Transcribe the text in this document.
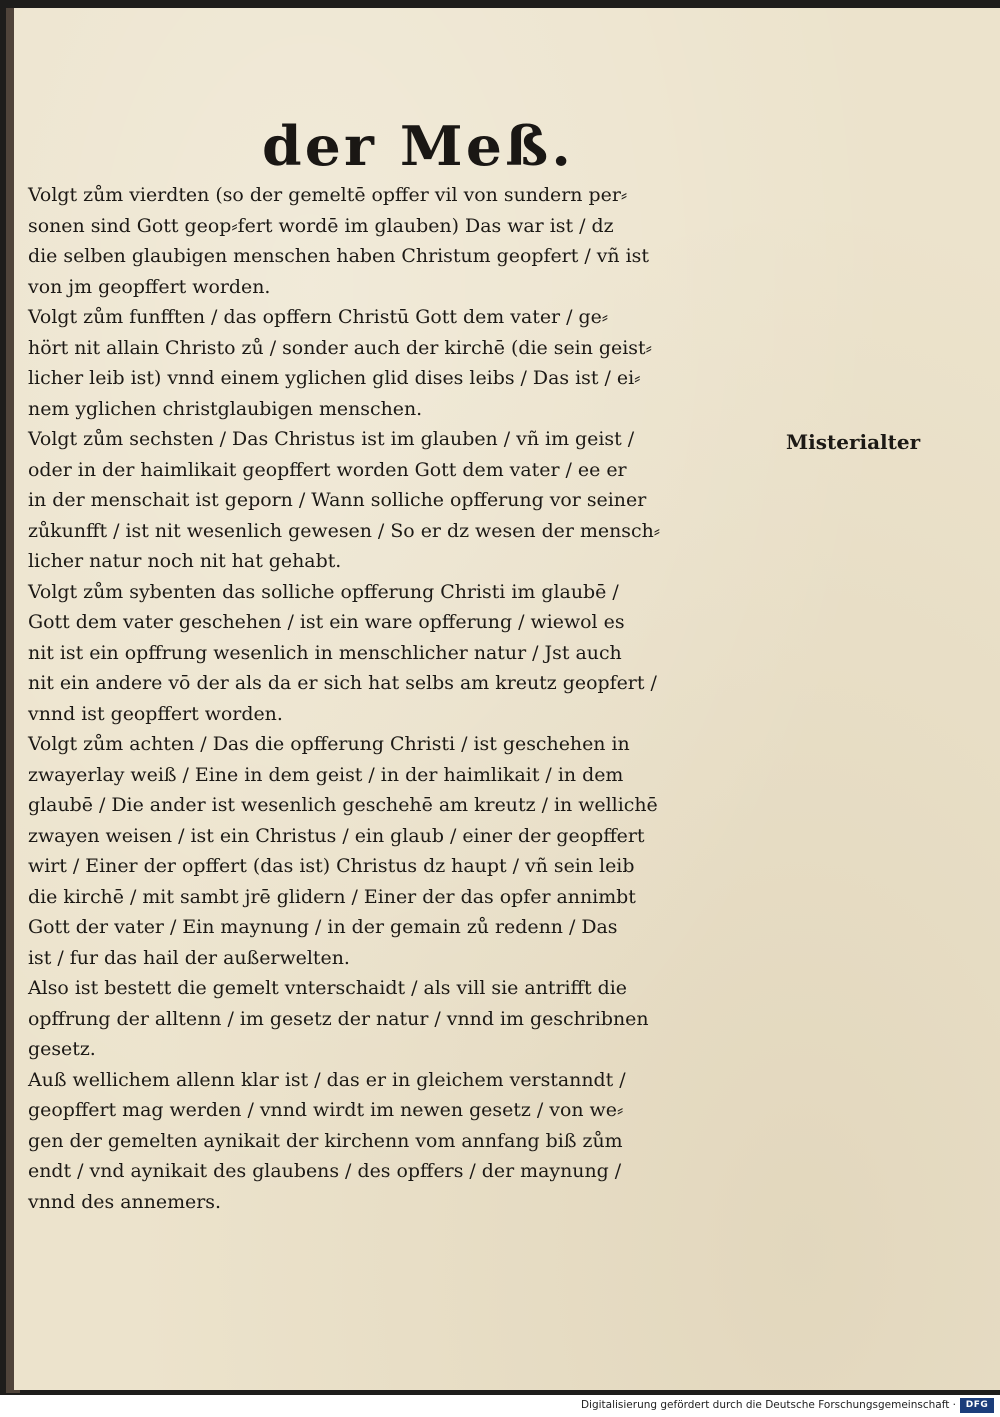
der Meß.
Volgt zům vierdten (so der gemeltē opffer vil von sundern per⸗
sonen sind Gott geop⸗fert wordē im glauben) Das war ist / dz
die selben glaubigen menschen haben Christum geopfert / vñ ist
von jm geopffert worden.
Volgt zům funfften / das opffern Christū Gott dem vater / ge⸗
hört nit allain Christo zů / sonder auch der kirchē (die sein geist⸗
licher leib ist) vnnd einem yglichen glid dises leibs / Das ist / ei⸗
nem yglichen christglaubigen menschen.
Volgt zům sechsten / Das Christus ist im glauben / vñ im geist /
oder in der haimlikait geopffert worden Gott dem vater / ee er
in der menschait ist geporn / Wann solliche opfferung vor seiner
zůkunfft / ist nit wesenlich gewesen / So er dz wesen der mensch⸗
licher natur noch nit hat gehabt.
Volgt zům sybenten das solliche opfferung Christi im glaubē /
Gott dem vater geschehen / ist ein ware opfferung / wiewol es
nit ist ein opffrung wesenlich in menschlicher natur / Jst auch
nit ein andere vō der als da er sich hat selbs am kreutz geopfert /
vnnd ist geopffert worden.
Volgt zům achten / Das die opfferung Christi / ist geschehen in
zwayerlay weiß / Eine in dem geist / in der haimlikait / in dem
glaubē / Die ander ist wesenlich geschehē am kreutz / in wellichē
zwayen weisen / ist ein Christus / ein glaub / einer der geopffert
wirt / Einer der opffert (das ist) Christus dz haupt / vñ sein leib
die kirchē / mit sambt jrē glidern / Einer der das opfer annimbt
Gott der vater / Ein maynung / in der gemain zů redenn / Das
ist / fur das hail der außerwelten.
Also ist bestett die gemelt vnterschaidt / als vill sie antrifft die
opffrung der alltenn / im gesetz der natur / vnnd im geschribnen
gesetz.
Auß wellichem allenn klar ist / das er in gleichem verstanndt /
geopffert mag werden / vnnd wirdt im newen gesetz / von we⸗
gen der gemelten aynikait der kirchenn vom annfang biß zům
endt / vnd aynikait des glaubens / des opffers / der maynung /
vnnd des annemers.
Misterialter
Digitalisierung gefördert durch die Deutsche Forschungsgemeinschaft ·	DFG
